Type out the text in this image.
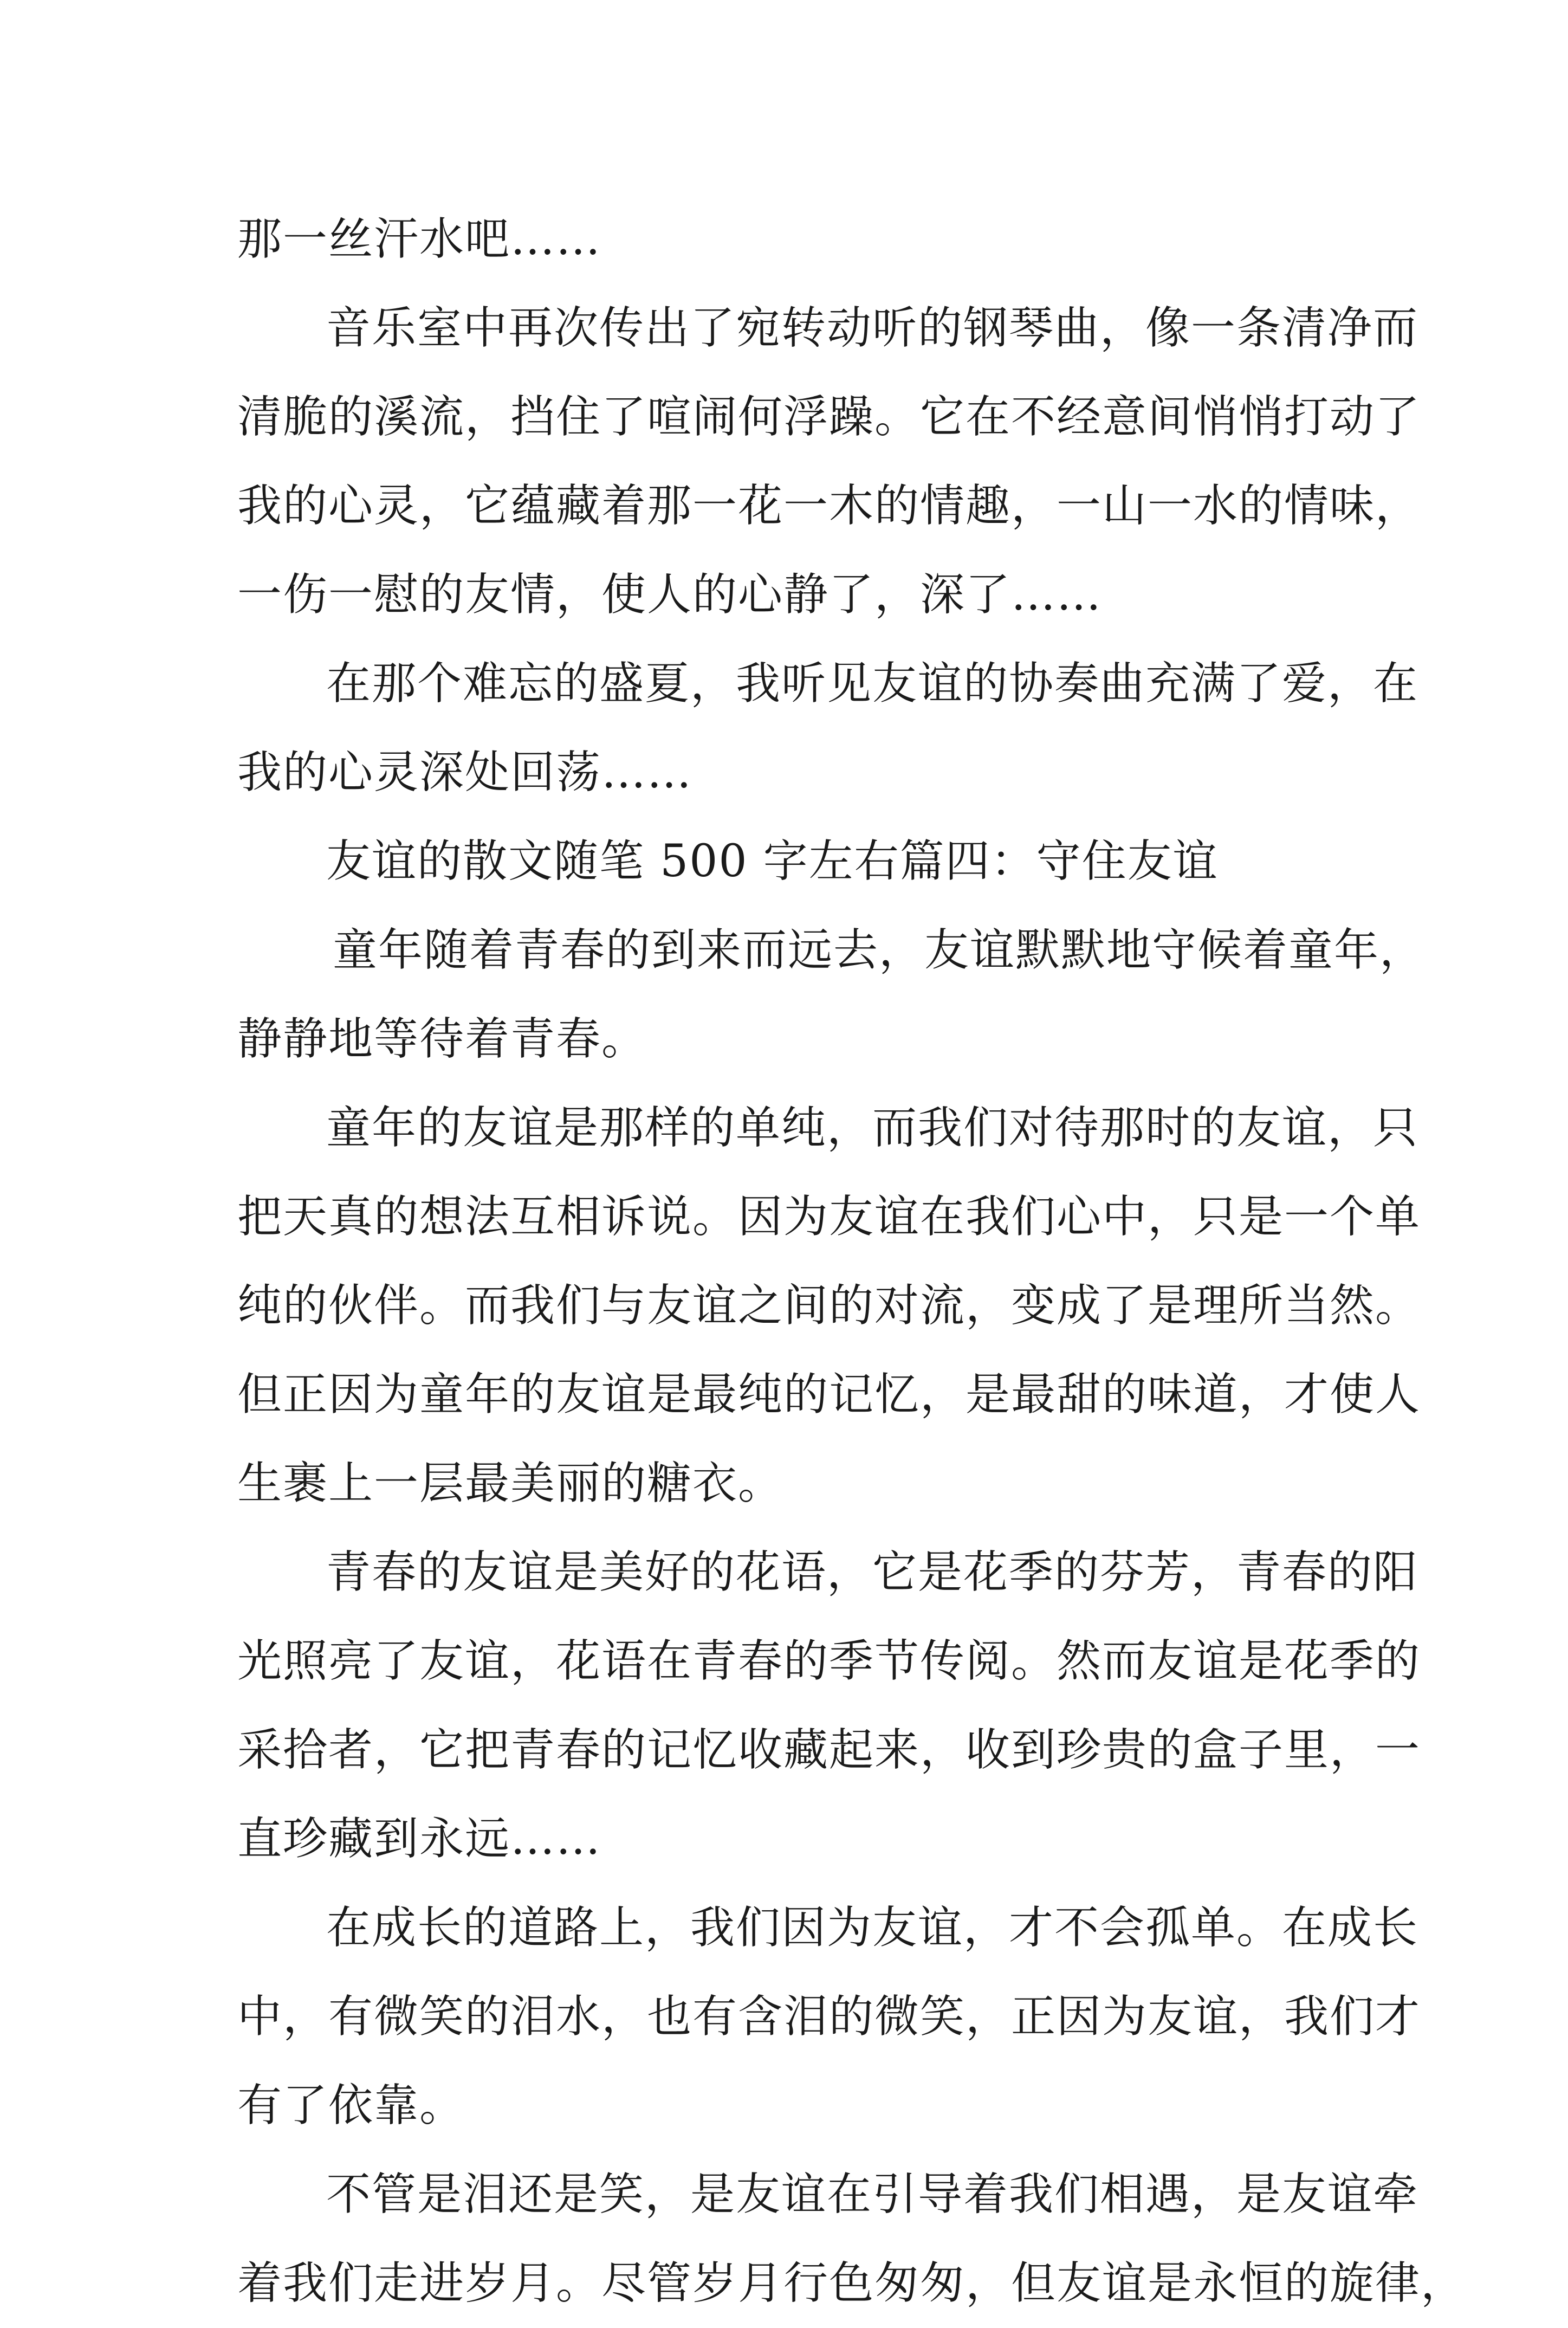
那一丝汗水吧……
音乐室中再次传出了宛转动听的钢琴曲，像一条清净而
清脆的溪流，挡住了喧闹何浮躁。它在不经意间悄悄打动了
我的心灵，它蕴藏着那一花一木的情趣，一山一水的情味，
一伤一慰的友情，使人的心静了，深了……
在那个难忘的盛夏，我听见友谊的协奏曲充满了爱，在
我的心灵深处回荡……
友谊的散文随笔 500 字左右篇四：守住友谊
童年随着青春的到来而远去，友谊默默地守候着童年，
静静地等待着青春。
童年的友谊是那样的单纯，而我们对待那时的友谊，只
把天真的想法互相诉说。因为友谊在我们心中，只是一个单
纯的伙伴。而我们与友谊之间的对流，变成了是理所当然。
但正因为童年的友谊是最纯的记忆，是最甜的味道，才使人
生裹上一层最美丽的糖衣。
青春的友谊是美好的花语，它是花季的芬芳，青春的阳
光照亮了友谊，花语在青春的季节传阅。然而友谊是花季的
采拾者，它把青春的记忆收藏起来，收到珍贵的盒子里，一
直珍藏到永远……
在成长的道路上，我们因为友谊，才不会孤单。在成长
中，有微笑的泪水，也有含泪的微笑，正因为友谊，我们才
有了依靠。
不管是泪还是笑，是友谊在引导着我们相遇，是友谊牵
着我们走进岁月。尽管岁月行色匆匆，但友谊是永恒的旋律，
